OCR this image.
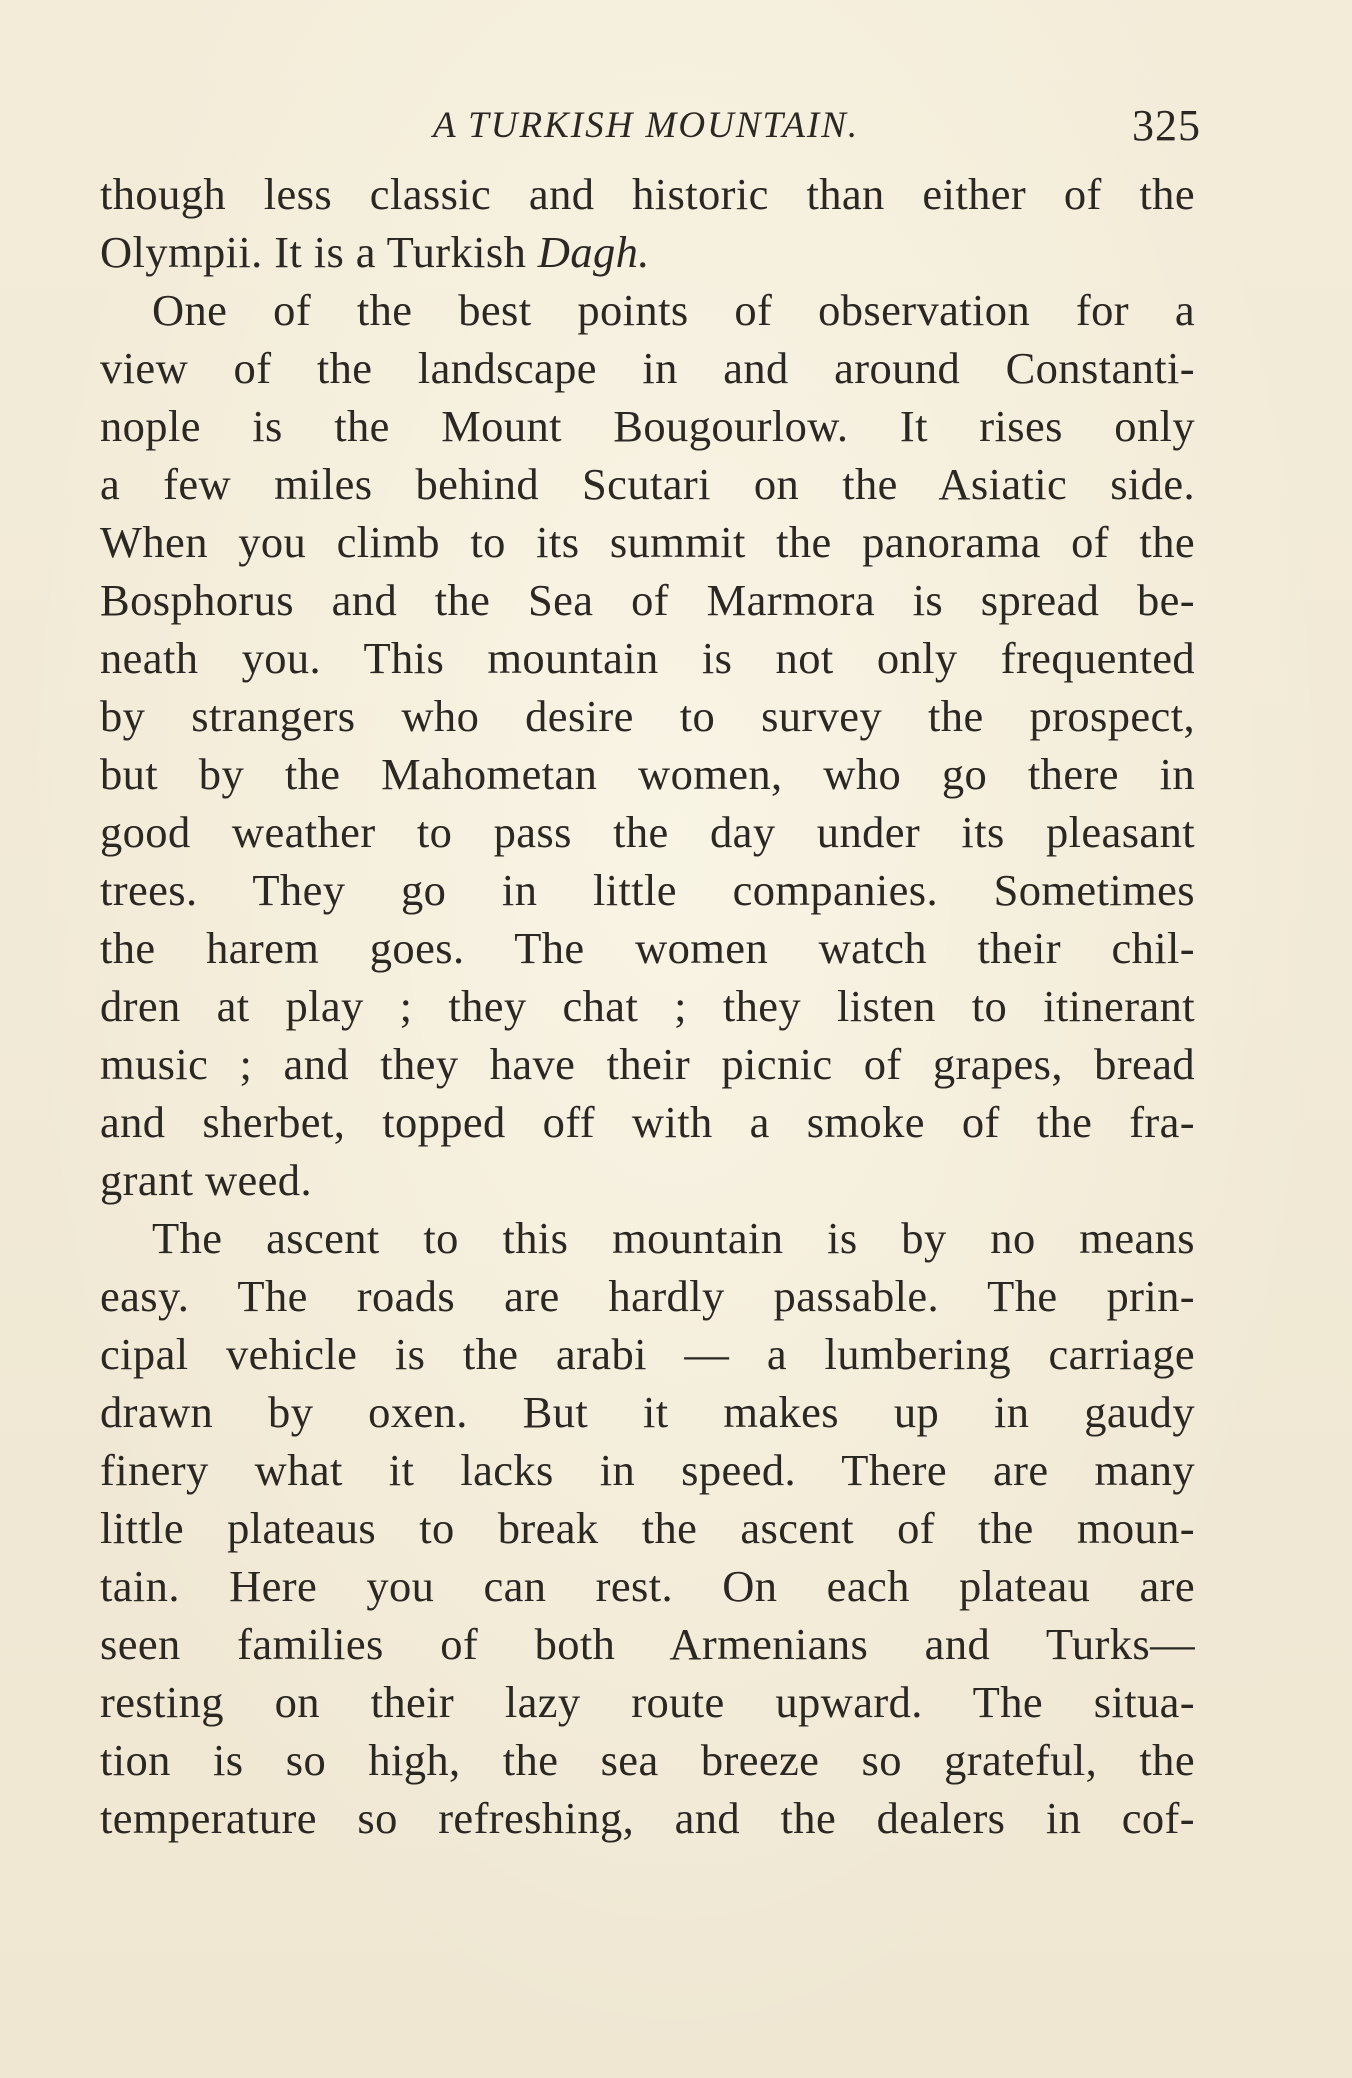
A TURKISH MOUNTAIN.	325
though less classic and historic than either of the
Olympii. It is a Turkish Dagh.
One of the best points of observation for a
view of the landscape in and around Constanti-
nople is the Mount Bougourlow. It rises only
a few miles behind Scutari on the Asiatic side.
When you climb to its summit the panorama of the
Bosphorus and the Sea of Marmora is spread be-
neath you. This mountain is not only frequented
by strangers who desire to survey the prospect,
but by the Mahometan women, who go there in
good weather to pass the day under its pleasant
trees. They go in little companies. Sometimes
the harem goes. The women watch their chil-
dren at play ; they chat ; they listen to itinerant
music ; and they have their picnic of grapes, bread
and sherbet, topped off with a smoke of the fra-
grant weed.
The ascent to this mountain is by no means
easy. The roads are hardly passable. The prin-
cipal vehicle is the arabi — a lumbering carriage
drawn by oxen. But it makes up in gaudy
finery what it lacks in speed. There are many
little plateaus to break the ascent of the moun-
tain. Here you can rest. On each plateau are
seen families of both Armenians and Turks—
resting on their lazy route upward. The situa-
tion is so high, the sea breeze so grateful, the
temperature so refreshing, and the dealers in cof-
